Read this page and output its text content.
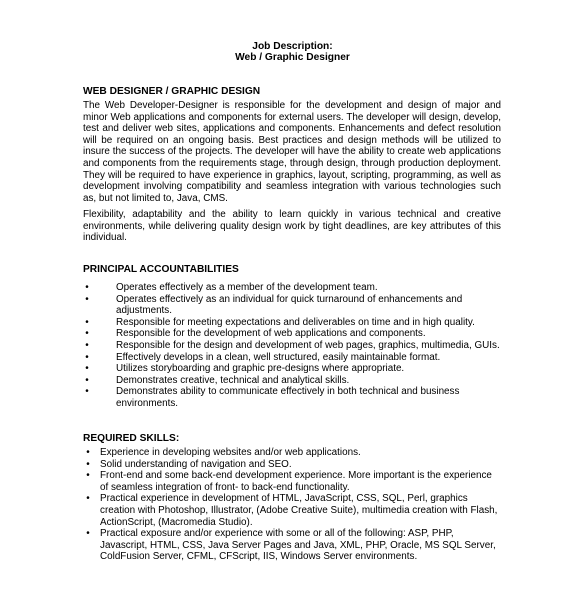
Job Description:
Web / Graphic Designer
WEB DESIGNER / GRAPHIC DESIGN

The Web Developer-Designer is responsible for the development and design of major and minor Web applications and components for external users. The developer will design, develop, test and deliver web sites, applications and components. Enhancements and defect resolution will be required on an ongoing basis. Best practices and design methods will be utilized to insure the success of the projects. The developer will have the ability to create web applications and components from the requirements stage, through design, through production deployment. They will be required to have experience in graphics, layout, scripting, programming, as well as development involving compatibility and seamless integration with various technologies such as, but not limited to, Java, CMS.

Flexibility, adaptability and the ability to learn quickly in various technical and creative environments, while delivering quality design work by tight deadlines, are key attributes of this individual.

PRINCIPAL ACCOUNTABILITIES
•	Operates effectively as a member of the development team.
•	Operates effectively as an individual for quick turnaround of enhancements and adjustments.
•	Responsible for meeting expectations and deliverables on time and in high quality.
•	Responsible for the development of web applications and components.
•	Responsible for the design and development of web pages, graphics, multimedia, GUIs.
•	Effectively develops in a clean, well structured, easily maintainable format.
•	Utilizes storyboarding and graphic pre-designs where appropriate.
•	Demonstrates creative, technical and analytical skills.
•	Demonstrates ability to communicate effectively in both technical and business environments.
REQUIRED SKILLS:
• Experience in developing websites and/or web applications.
• Solid understanding of navigation and SEO.
• Front-end and some back-end development experience. More important is the experience of seamless integration of front- to back-end functionality.
• Practical experience in development of HTML, JavaScript, CSS, SQL, Perl, graphics creation with Photoshop, Illustrator, (Adobe Creative Suite), multimedia creation with Flash, ActionScript, (Macromedia Studio).
• Practical exposure and/or experience with some or all of the following: ASP, PHP, Javascript, HTML, CSS, Java Server Pages and Java, XML, PHP, Oracle, MS SQL Server, ColdFusion Server, CFML, CFScript, IIS, Windows Server environments.
